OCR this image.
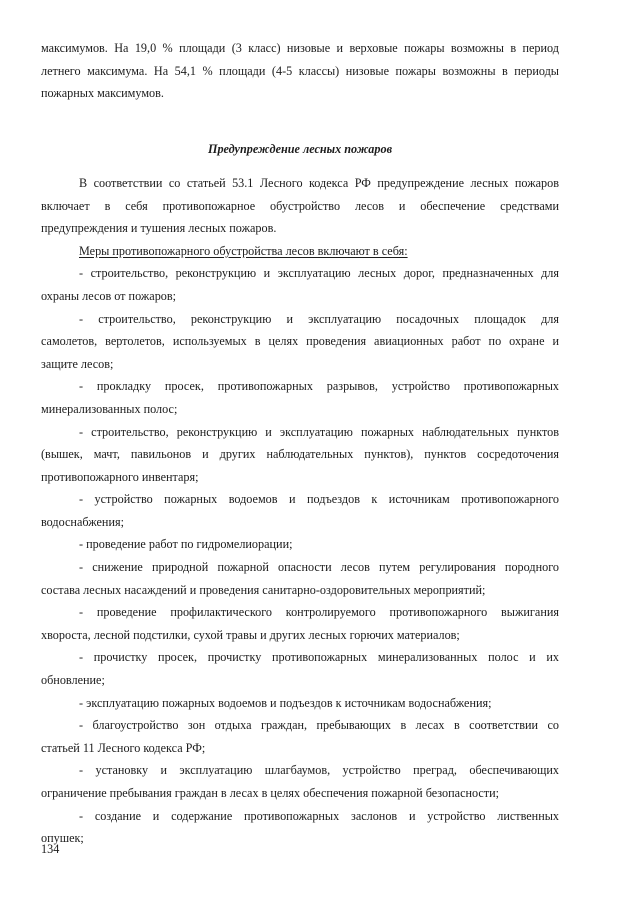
максимумов. На 19,0 % площади (3 класс) низовые и верховые пожары возможны в период
летнего максимума. На 54,1 % площади (4-5 классы) низовые пожары возможны в периоды
пожарных максимумов.
Предупреждение лесных пожаров
В соответствии со статьей 53.1 Лесного кодекса РФ предупреждение лесных пожаров
включает в себя противопожарное обустройство лесов и обеспечение средствами
предупреждения и тушения лесных пожаров.
Меры противопожарного обустройства лесов включают в себя:
- строительство, реконструкцию и эксплуатацию лесных дорог, предназначенных для
охраны лесов от пожаров;
- строительство, реконструкцию и эксплуатацию посадочных площадок для
самолетов, вертолетов, используемых в целях проведения авиационных работ по охране и
защите лесов;
- прокладку просек, противопожарных разрывов, устройство противопожарных
минерализованных полос;
- строительство, реконструкцию и эксплуатацию пожарных наблюдательных пунктов
(вышек, мачт, павильонов и других наблюдательных пунктов), пунктов сосредоточения
противопожарного инвентаря;
- устройство пожарных водоемов и подъездов к источникам противопожарного
водоснабжения;
- проведение работ по гидромелиорации;
- снижение природной пожарной опасности лесов путем регулирования породного
состава лесных насаждений и проведения санитарно-оздоровительных мероприятий;
- проведение профилактического контролируемого противопожарного выжигания
хвороста, лесной подстилки, сухой травы и других лесных горючих материалов;
- прочистку просек, прочистку противопожарных минерализованных полос и их
обновление;
- эксплуатацию пожарных водоемов и подъездов к источникам водоснабжения;
- благоустройство зон отдыха граждан, пребывающих в лесах в соответствии со
статьей 11 Лесного кодекса РФ;
- установку и эксплуатацию шлагбаумов, устройство преград, обеспечивающих
ограничение пребывания граждан в лесах в целях обеспечения пожарной безопасности;
- создание и содержание противопожарных заслонов и устройство лиственных
опушек;
134
